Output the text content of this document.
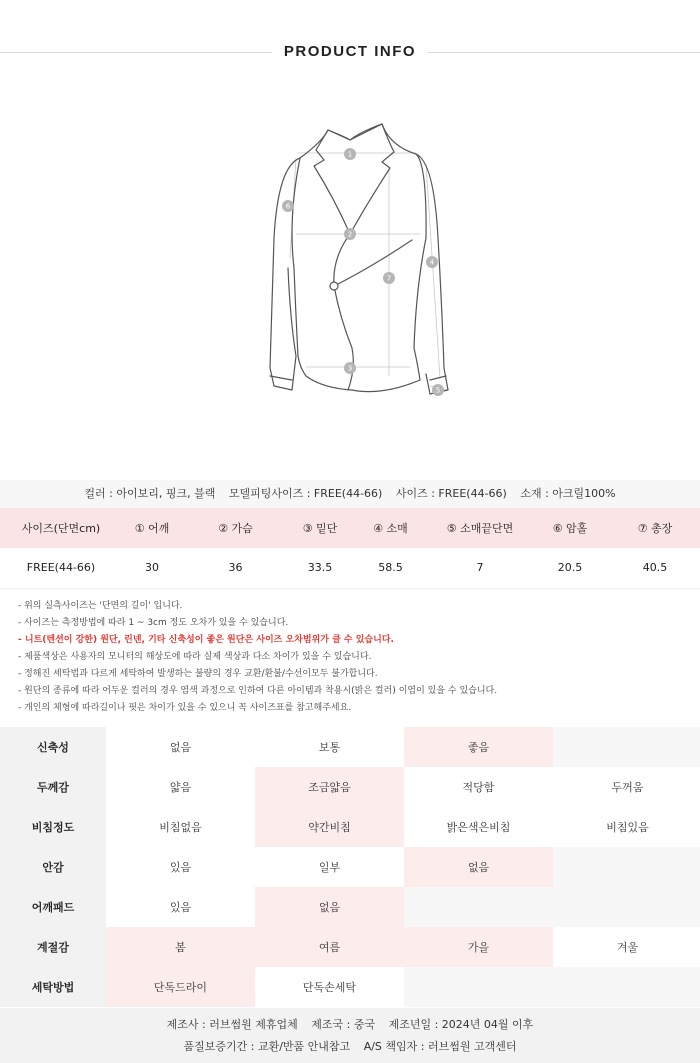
PRODUCT INFO
1
2
3
4
5
6
7
컬러 : 아이보리, 핑크, 블랙 모델피팅사이즈 : FREE(44-66) 사이즈 : FREE(44-66) 소재 : 아크릴100%
사이즈(단면cm)	① 어깨	② 가슴	③ 밑단	④ 소매	⑤ 소매끝단면	⑥ 암홀	⑦ 총장
FREE(44-66)	30	36	33.5	58.5	7	20.5	40.5
- 위의 실측사이즈는 '단면의 길이' 입니다.
- 사이즈는 측정방법에 따라 1 ~ 3cm 정도 오차가 있을 수 있습니다.
- 니트(텐션이 강한) 원단, 린넨, 기타 신축성이 좋은 원단은 사이즈 오차범위가 클 수 있습니다.
- 제품색상은 사용자의 모니터의 해상도에 따라 실제 색상과 다소 차이가 있을 수 있습니다.
- 정해진 세탁법과 다르게 세탁하여 발생하는 불량의 경우 교환/환불/수선이모두 불가합니다.
- 원단의 종류에 따라 어두운 컬러의 경우 염색 과정으로 인하여 다른 아이템과 착용시(밝은 컬러) 이염이 있을 수 있습니다.
- 개인의 체형에 따라길이나 핏은 차이가 있을 수 있으니 꼭 사이즈표를 참고해주세요.
신축성	없음	보통	좋음	
두께감	얇음	조금얇음	적당함	두꺼움
비침정도	비침없음	약간비침	밝은색은비침	비침있음
안감	있음	일부	없음	
어깨패드	있음	없음		
계절감	봄	여름	가을	겨울
세탁방법	단독드라이	단독손세탁		
제조사 : 러브썸원 제휴업체 제조국 : 중국 제조년일 : 2024년 04월 이후
품질보증기간 : 교환/반품 안내참고 A/S 책임자 : 러브썸원 고객센터
